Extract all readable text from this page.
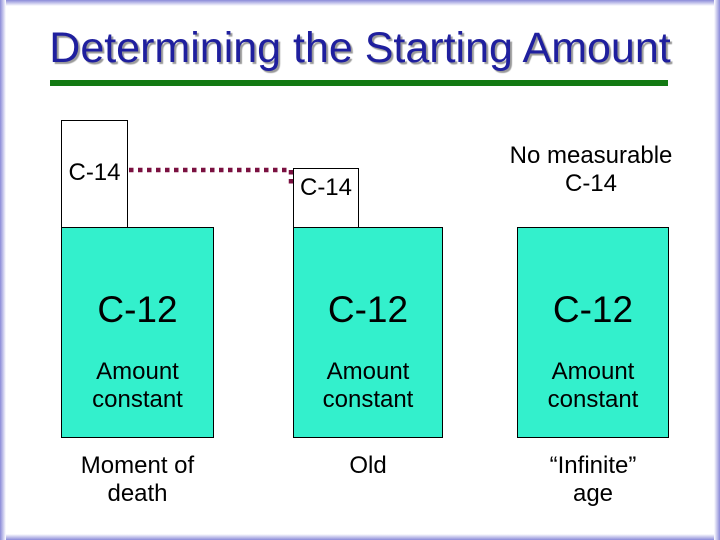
Determining the Starting Amount
C-14
C-12
Amount
constant
Moment of
death
C-14
C-12
Amount
constant
Old
No measurable
C-14
C-12
Amount
constant
“Infinite”
age
